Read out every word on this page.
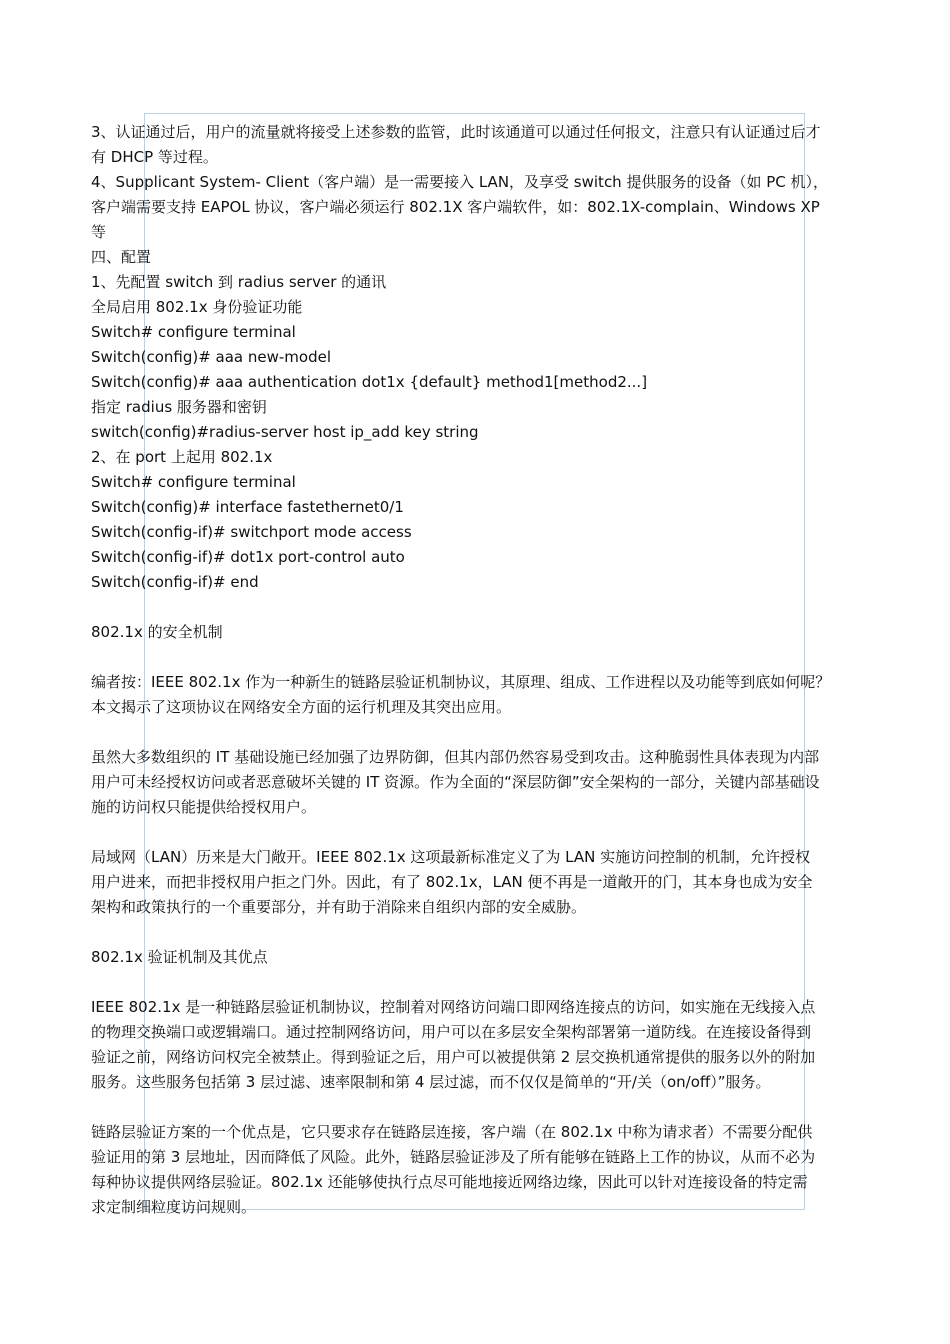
3、认证通过后，用户的流量就将接受上述参数的监管，此时该通道可以通过任何报文，注意只有认证通过后才

有 DHCP 等过程。

4、Supplicant System- Client（客户端）是一需要接入 LAN，及享受 switch 提供服务的设备（如 PC 机），

客户端需要支持 EAPOL 协议，客户端必须运行 802.1X 客户端软件，如：802.1X-complain、Windows XP

等

四、配置

1、先配置 switch 到 radius server 的通讯

全局启用 802.1x 身份验证功能

Switch# configure terminal

Switch(config)# aaa new-model

Switch(config)# aaa authentication dot1x {default} method1[method2...]

指定 radius 服务器和密钥

switch(config)#radius-server host ip_add key string

2、在 port 上起用 802.1x

Switch# configure terminal

Switch(config)# interface fastethernet0/1

Switch(config-if)# switchport mode access

Switch(config-if)# dot1x port-control auto

Switch(config-if)# end

802.1x 的安全机制

编者按：IEEE 802.1x 作为一种新生的链路层验证机制协议，其原理、组成、工作进程以及功能等到底如何呢？

本文揭示了这项协议在网络安全方面的运行机理及其突出应用。

虽然大多数组织的 IT 基础设施已经加强了边界防御，但其内部仍然容易受到攻击。这种脆弱性具体表现为内部

用户可未经授权访问或者恶意破坏关键的 IT 资源。作为全面的“深层防御”安全架构的一部分，关键内部基础设

施的访问权只能提供给授权用户。

局域网（LAN）历来是大门敞开。IEEE 802.1x 这项最新标准定义了为 LAN 实施访问控制的机制，允许授权

用户进来，而把非授权用户拒之门外。因此，有了 802.1x，LAN 便不再是一道敞开的门，其本身也成为安全

架构和政策执行的一个重要部分，并有助于消除来自组织内部的安全威胁。

802.1x 验证机制及其优点

IEEE 802.1x 是一种链路层验证机制协议，控制着对网络访问端口即网络连接点的访问，如实施在无线接入点

的物理交换端口或逻辑端口。通过控制网络访问，用户可以在多层安全架构部署第一道防线。在连接设备得到

验证之前，网络访问权完全被禁止。得到验证之后，用户可以被提供第 2 层交换机通常提供的服务以外的附加

服务。这些服务包括第 3 层过滤、速率限制和第 4 层过滤，而不仅仅是简单的“开/关（on/off）”服务。

链路层验证方案的一个优点是，它只要求存在链路层连接，客户端（在 802.1x 中称为请求者）不需要分配供

验证用的第 3 层地址，因而降低了风险。此外，链路层验证涉及了所有能够在链路上工作的协议，从而不必为

每种协议提供网络层验证。802.1x 还能够使执行点尽可能地接近网络边缘，因此可以针对连接设备的特定需

求定制细粒度访问规则。
